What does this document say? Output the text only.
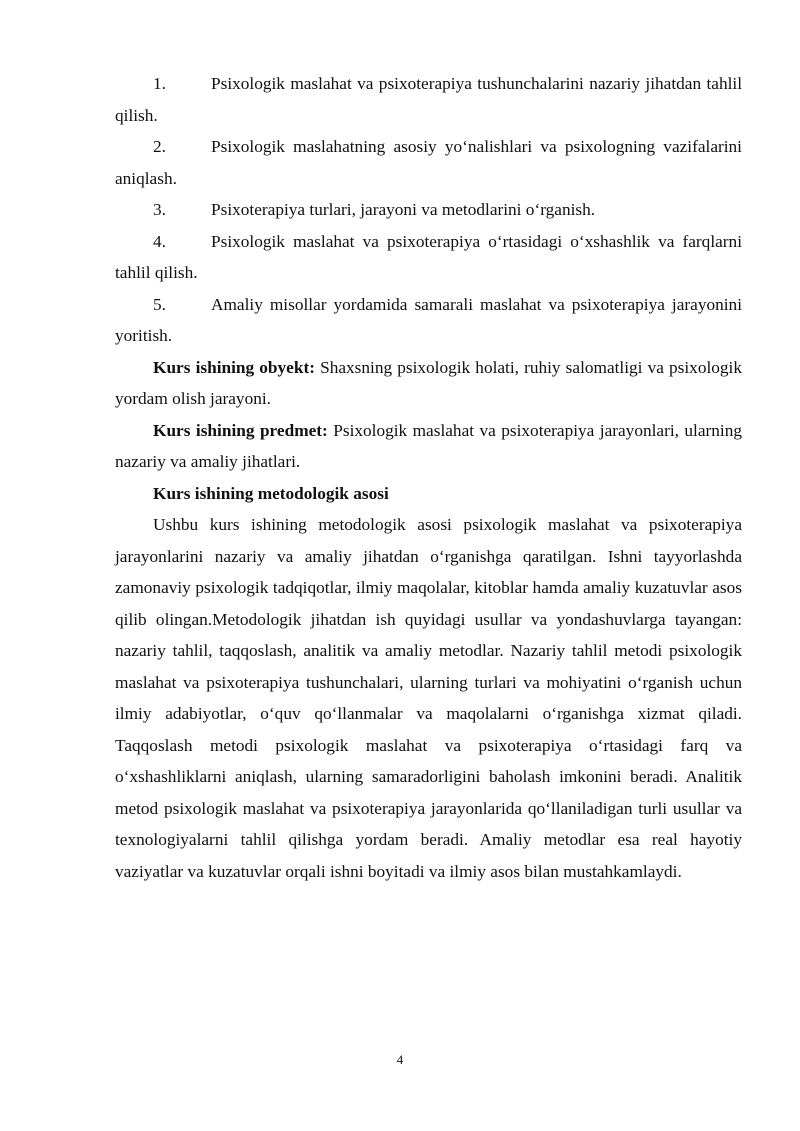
1.	Psixologik maslahat va psixoterapiya tushunchalarini nazariy jihatdan tahlil qilish.

2.	Psixologik maslahatning asosiy yo‘nalishlari va psixologning vazifalarini aniqlash.

3.	Psixoterapiya turlari, jarayoni va metodlarini o‘rganish.

4.	Psixologik maslahat va psixoterapiya o‘rtasidagi o‘xshashlik va farqlarni tahlil qilish.

5.	Amaliy misollar yordamida samarali maslahat va psixoterapiya jarayonini yoritish.

Kurs ishining obyekt: Shaxsning psixologik holati, ruhiy salomatligi va psixologik yordam olish jarayoni.

Kurs ishining predmet: Psixologik maslahat va psixoterapiya jarayonlari, ularning nazariy va amaliy jihatlari.

Kurs ishining metodologik asosi

Ushbu kurs ishining metodologik asosi psixologik maslahat va psixoterapiya jarayonlarini nazariy va amaliy jihatdan o‘rganishga qaratilgan. Ishni tayyorlashda zamonaviy psixologik tadqiqotlar, ilmiy maqolalar, kitoblar hamda amaliy kuzatuvlar asos qilib olingan.Metodologik jihatdan ish quyidagi usullar va yondashuvlarga tayangan: nazariy tahlil, taqqoslash, analitik va amaliy metodlar. Nazariy tahlil metodi psixologik maslahat va psixoterapiya tushunchalari, ularning turlari va mohiyatini o‘rganish uchun ilmiy adabiyotlar, o‘quv qo‘llanmalar va maqolalarni o‘rganishga xizmat qiladi. Taqqoslash metodi psixologik maslahat va psixoterapiya o‘rtasidagi farq va o‘xshashliklarni aniqlash, ularning samaradorligini baholash imkonini beradi. Analitik metod psixologik maslahat va psixoterapiya jarayonlarida qo‘llaniladigan turli usullar va texnologiyalarni tahlil qilishga yordam beradi. Amaliy metodlar esa real hayotiy vaziyatlar va kuzatuvlar orqali ishni boyitadi va ilmiy asos bilan mustahkamlaydi.

4
